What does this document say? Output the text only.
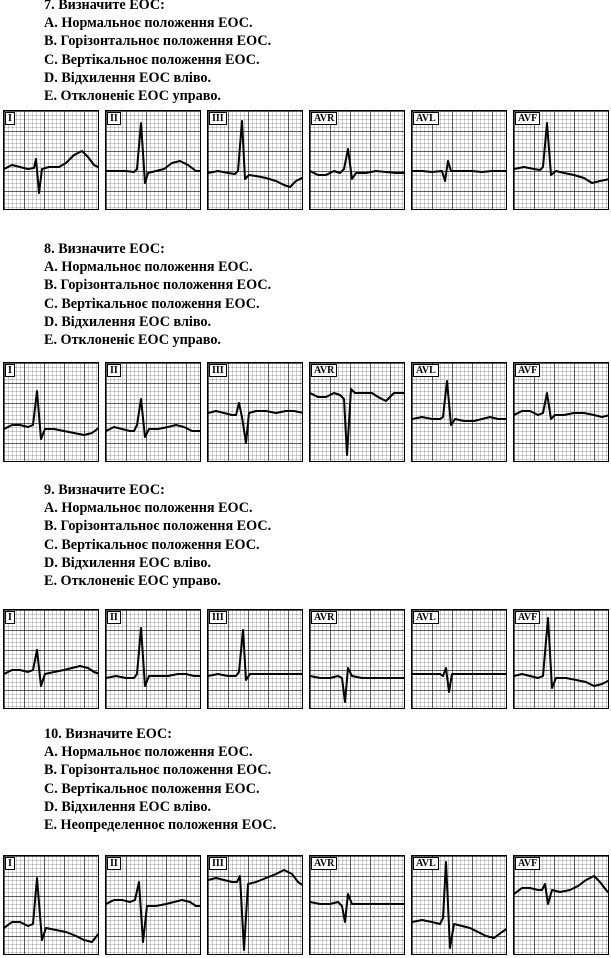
7. Визначите ЕОС:
А. Нормальноє положення ЕОС.
В. Горізонтальноє положення ЕОС.
С. Вертікальноє положення ЕОС.
D. Відхилення ЕОС вліво.
Е. Отклоненіє ЕОС управо.
I	II	III	AVR	AVL	AVF
8. Визначите ЕОС:
А. Нормальноє положення ЕОС.
В. Горізонтальноє положення ЕОС.
С. Вертікальноє положення ЕОС.
D. Відхилення ЕОС вліво.
Е. Отклоненіє ЕОС управо.
I	II	III	AVR	AVL	AVF
9. Визначите ЕОС:
А. Нормальноє положення ЕОС.
В. Горізонтальноє положення ЕОС.
С. Вертікальноє положення ЕОС.
D. Відхилення ЕОС вліво.
Е. Отклоненіє ЕОС управо.
I	II	III	AVR	AVL	AVF
10. Визначите ЕОС:
А. Нормальноє положення ЕОС.
В. Горізонтальноє положення ЕОС.
С. Вертікальноє положення ЕОС.
D. Відхилення ЕОС вліво.
Е. Неопределенноє положення ЕОС.
I	II	III	AVR	AVL	AVF
